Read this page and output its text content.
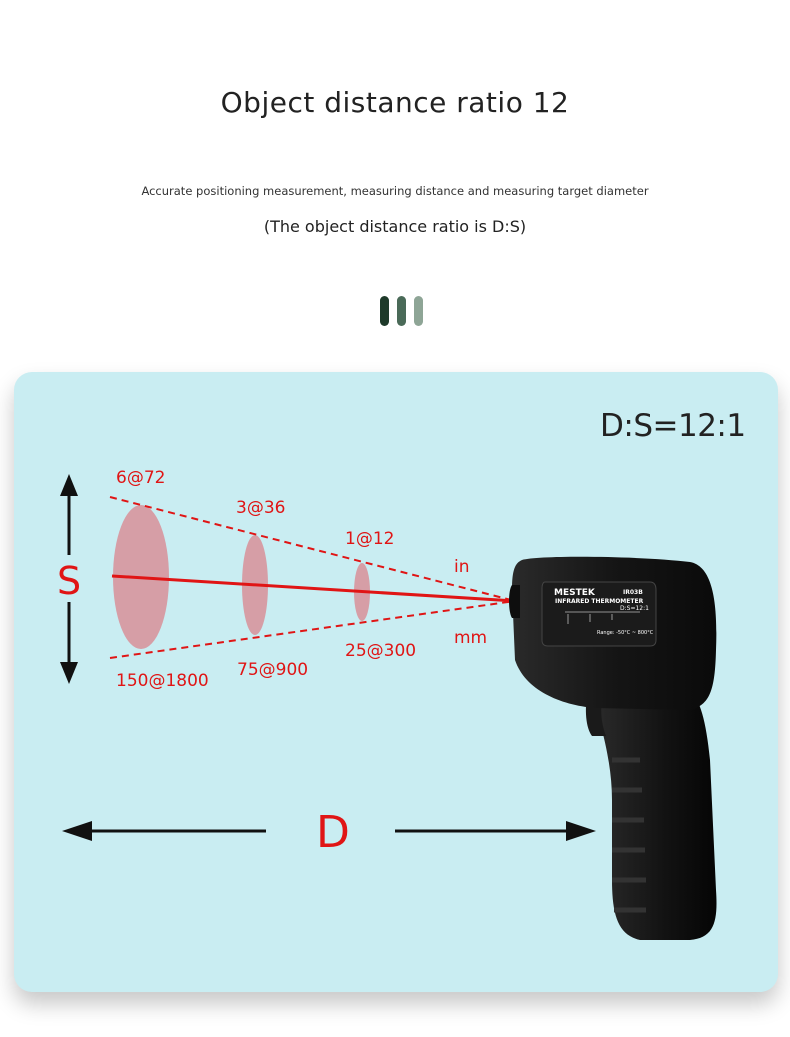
Object distance ratio 12
Accurate positioning measurement, measuring distance and measuring target diameter
(The object distance ratio is D:S)
D:S=12:1
S
D
6@72
3@36
1@12
in
150@1800
75@900
25@300
mm
MESTEK	IR03B
INFRARED THERMOMETER
D:S=12:1
Range: -50°C ~ 800°C
